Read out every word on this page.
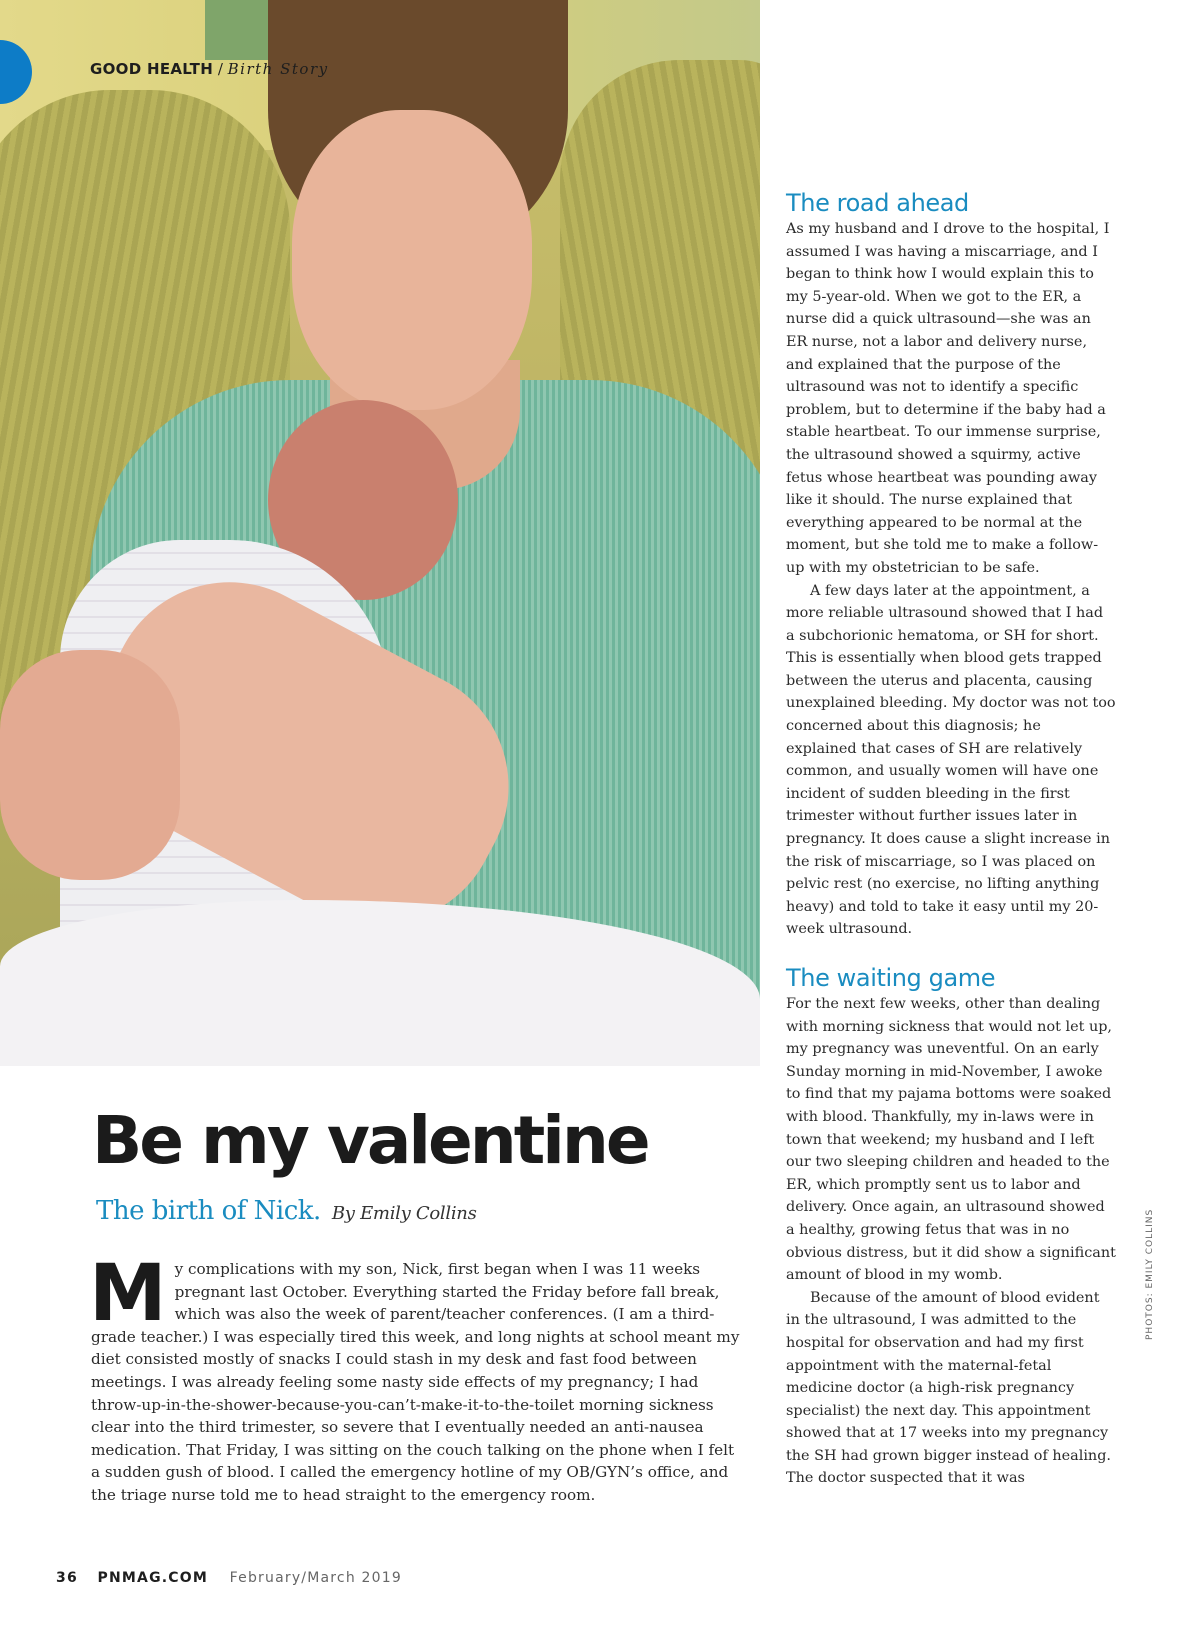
GOOD HEALTH / Birth Story
Be my valentine
The birth of Nick. By Emily Collins

My complications with my son, Nick, first began when I was 11 weeks pregnant last October. Everything started the Friday before fall break, which was also the week of parent/teacher conferences. (I am a third-grade teacher.) I was especially tired this week, and long nights at school meant my diet consisted mostly of snacks I could stash in my desk and fast food between meetings. I was already feeling some nasty side effects of my pregnancy; I had throw-up-in-the-shower-because-you-can’t-make-it-to-the-toilet morning sickness clear into the third trimester, so severe that I eventually needed an anti-nausea medication. That Friday, I was sitting on the couch talking on the phone when I felt a sudden gush of blood. I called the emergency hotline of my OB/GYN’s office, and the triage nurse told me to head straight to the emergency room.

The road ahead

As my husband and I drove to the hospital, I assumed I was having a miscarriage, and I began to think how I would explain this to my 5-year-old. When we got to the ER, a nurse did a quick ultrasound—she was an ER nurse, not a labor and delivery nurse, and explained that the purpose of the ultrasound was not to identify a specific problem, but to determine if the baby had a stable heartbeat. To our immense surprise, the ultrasound showed a squirmy, active fetus whose heartbeat was pounding away like it should. The nurse explained that everything appeared to be normal at the moment, but she told me to make a follow-up with my obstetrician to be safe.

A few days later at the appointment, a more reliable ultrasound showed that I had a subchorionic hematoma, or SH for short. This is essentially when blood gets trapped between the uterus and placenta, causing unexplained bleeding. My doctor was not too concerned about this diagnosis; he explained that cases of SH are relatively common, and usually women will have one incident of sudden bleeding in the first trimester without further issues later in pregnancy. It does cause a slight increase in the risk of miscarriage, so I was placed on pelvic rest (no exercise, no lifting anything heavy) and told to take it easy until my 20-week ultrasound.

The waiting game

For the next few weeks, other than dealing with morning sickness that would not let up, my pregnancy was uneventful. On an early Sunday morning in mid-November, I awoke to find that my pajama bottoms were soaked with blood. Thankfully, my in-laws were in town that weekend; my husband and I left our two sleeping children and headed to the ER, which promptly sent us to labor and delivery. Once again, an ultrasound showed a healthy, growing fetus that was in no obvious distress, but it did show a significant amount of blood in my womb.

Because of the amount of blood evident in the ultrasound, I was admitted to the hospital for observation and had my first appointment with the maternal-fetal medicine doctor (a high-risk pregnancy specialist) the next day. This appointment showed that at 17 weeks into my pregnancy the SH had grown bigger instead of healing. The doctor suspected that it was

PHOTOS: EMILY COLLINS
36 PNMAG.COM February/March 2019
